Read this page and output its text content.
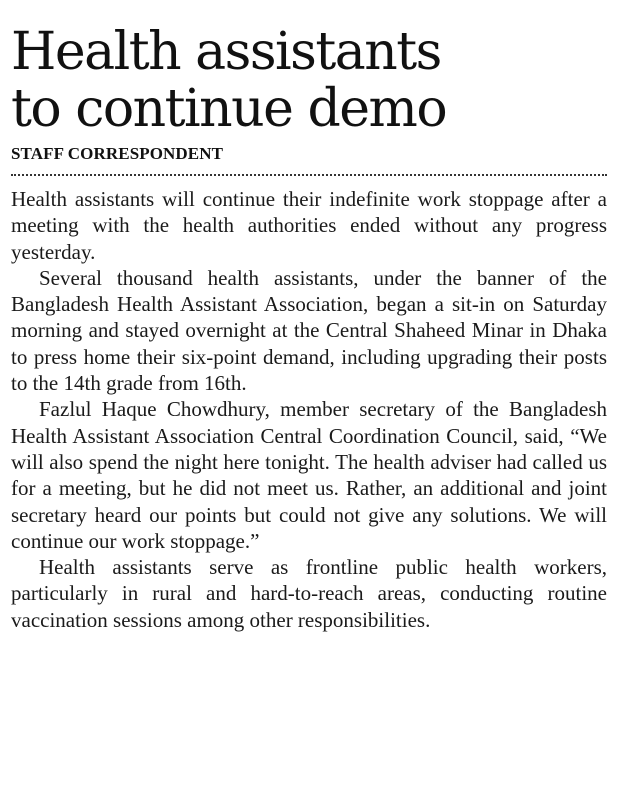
Health assistants
to continue demo
STAFF CORRESPONDENT

Health assistants will continue their indefinite work stoppage after a meeting with the health authorities ended without any progress yesterday.

Several thousand health assistants, under the banner of the Bangladesh Health Assistant Association, began a sit-in on Saturday morning and stayed overnight at the Central Shaheed Minar in Dhaka to press home their six-point demand, including upgrading their posts to the 14th grade from 16th.

Fazlul Haque Chowdhury, member secretary of the Bangladesh Health Assistant Association Central Coordination Council, said, “We will also spend the night here tonight. The health adviser had called us for a meeting, but he did not meet us. Rather, an additional and joint secretary heard our points but could not give any solutions. We will continue our work stoppage.”

Health assistants serve as frontline public health workers, particularly in rural and hard-to-reach areas, conducting routine vaccination sessions among other responsibilities.
